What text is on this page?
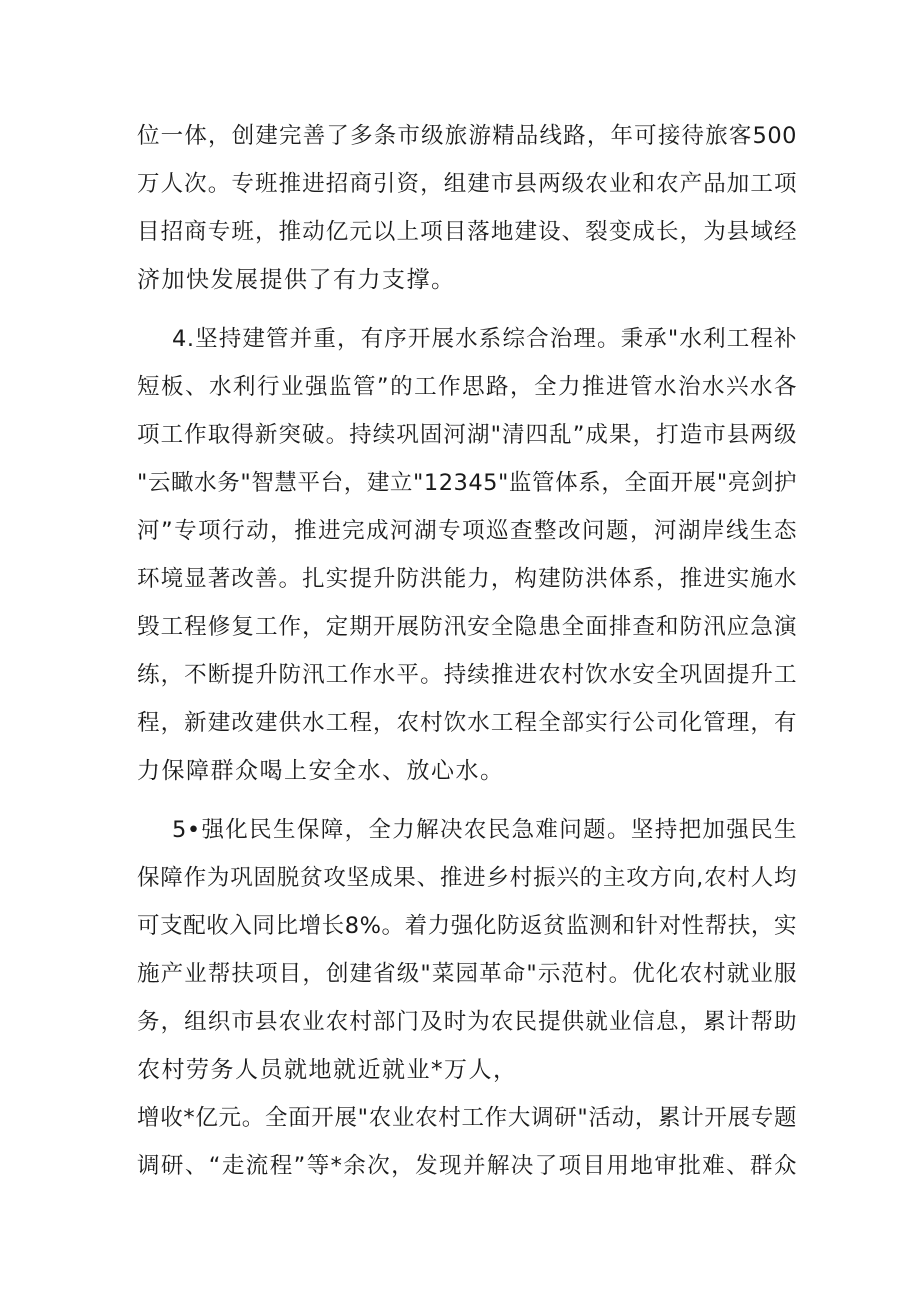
位一体，创建完善了多条市级旅游精品线路，年可接待旅客500
万人次。专班推进招商引资，组建市县两级农业和农产品加工项
目招商专班，推动亿元以上项目落地建设、裂变成长，为县域经
济加快发展提供了有力支撑。
4.坚持建管并重，有序开展水系综合治理。秉承"水利工程补
短板、水利行业强监管”的工作思路，全力推进管水治水兴水各
项工作取得新突破。持续巩固河湖"清四乱”成果，打造市县两级
"云瞰水务"智慧平台，建立"12345"监管体系，全面开展"亮剑护
河”专项行动，推进完成河湖专项巡查整改问题，河湖岸线生态
环境显著改善。扎实提升防洪能力，构建防洪体系，推进实施水
毁工程修复工作，定期开展防汛安全隐患全面排查和防汛应急演
练，不断提升防汛工作水平。持续推进农村饮水安全巩固提升工
程，新建改建供水工程，农村饮水工程全部实行公司化管理，有
力保障群众喝上安全水、放心水。
5•强化民生保障，全力解决农民急难问题。坚持把加强民生
保障作为巩固脱贫攻坚成果、推进乡村振兴的主攻方向,农村人均
可支配收入同比增长8%。着力强化防返贫监测和针对性帮扶，实
施产业帮扶项目，创建省级"菜园革命"示范村。优化农村就业服
务，组织市县农业农村部门及时为农民提供就业信息，累计帮助
农村劳务人员就地就近就业*万人，
增收*亿元。全面开展"农业农村工作大调研"活动，累计开展专题
调研、“走流程”等*余次，发现并解决了项目用地审批难、群众
